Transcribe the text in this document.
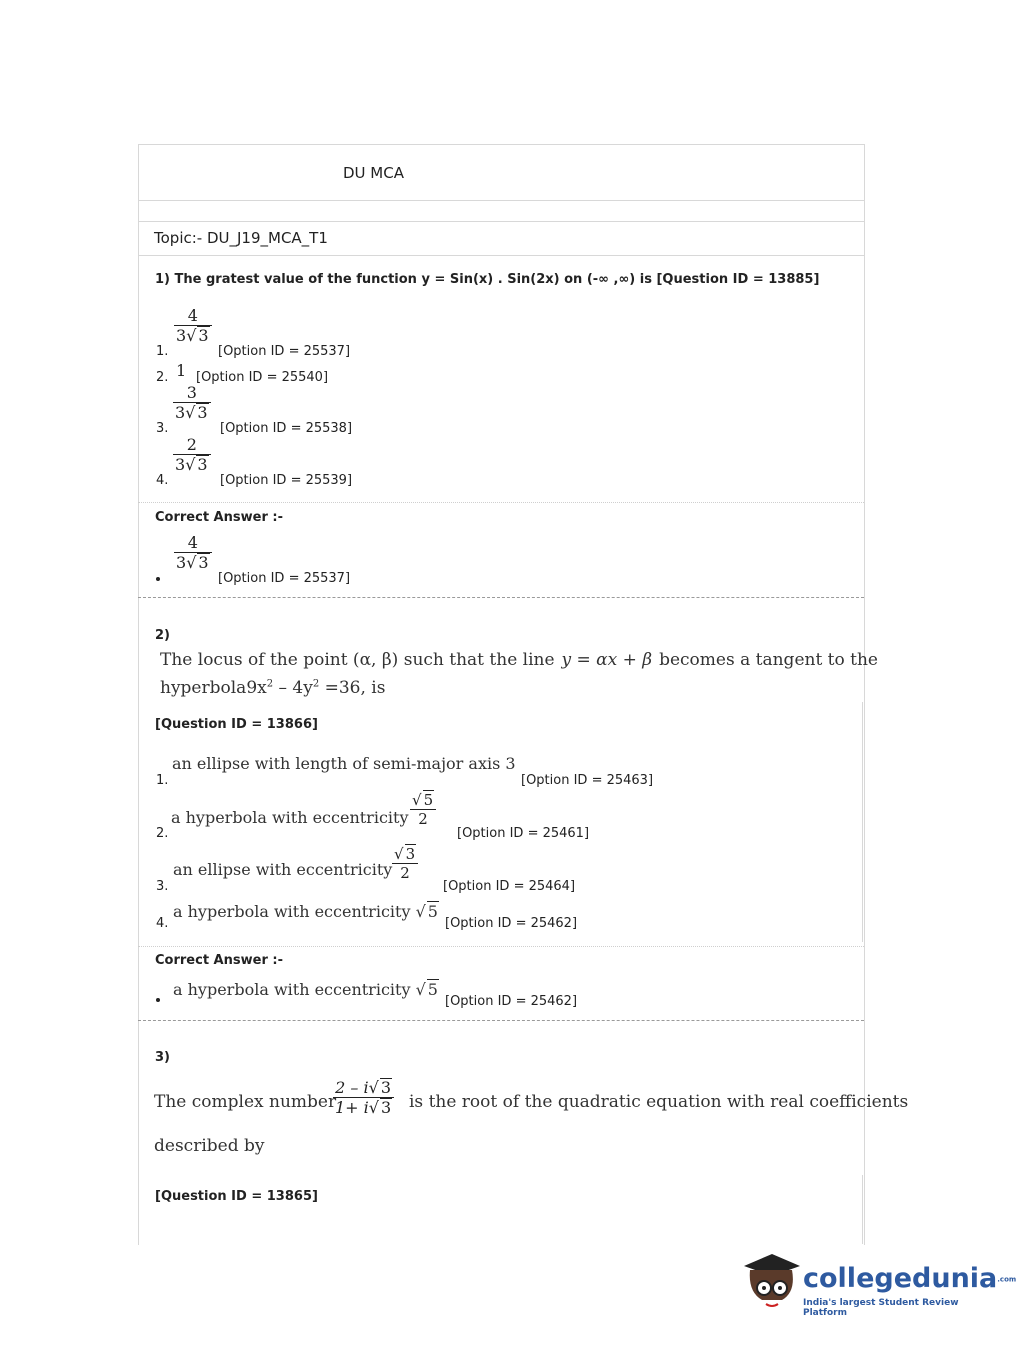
DU MCA
Topic:- DU_J19_MCA_T1
1) The gratest value of the function y = Sin(x) . Sin(2x) on (-∞ ,∞) is [Question ID = 13885]
1.
4
3√ 3
[Option ID = 25537]
2. 1 [Option ID = 25540]
3.
3
3√ 3
[Option ID = 25538]
4.
2
3√ 3
[Option ID = 25539]
Correct Answer :-
4
3√ 3
[Option ID = 25537]
2)
The locus of the point (α, β) such that the line y = αx + β becomes a tangent to the
$hyperbola9x^2 - 4y^2 =36$, is
[Question ID = 13866]
1.
an ellipse with length of semi-major axis 3
[Option ID = 25463]
2.
a hyperbola with eccentricity
√ 5
2
[Option ID = 25461]
3.
an ellipse with eccentricity
√ 3
2
[Option ID = 25464]
4.
a hyperbola with eccentricity √ 5
[Option ID = 25462]
Correct Answer :-
a hyperbola with eccentricity √ 5
[Option ID = 25462]
3)
The complex number
2 – i√ 3
1+ i√ 3 is the root of the quadratic equation with real coefficients
described by
[Question ID = 13865]
collegedunia.com
India's largest Student Review Platform
